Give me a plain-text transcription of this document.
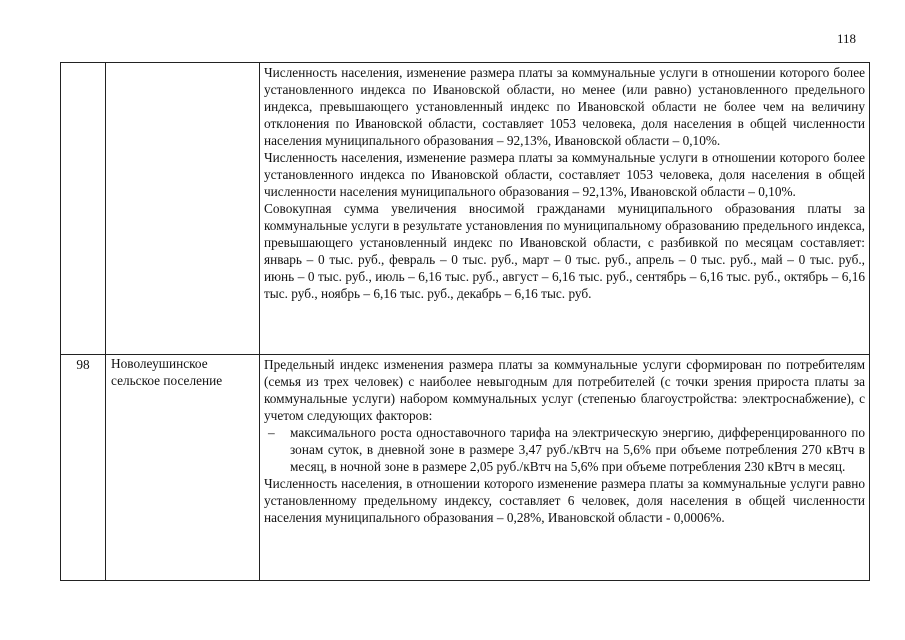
118

		Численность населения, изменение размера платы за коммунальные услуги в отношении которого более установленного индекса по Ивановской области, но менее (или равно) установленного предельного индекса, превышающего установленный индекс по Ивановской области не более чем на величину отклонения по Ивановской области, составляет 1053 человека, доля населения в общей численности населения муниципального образования – 92,13%, Ивановской области – 0,10%.

Численность населения, изменение размера платы за коммунальные услуги в отношении которого более установленного индекса по Ивановской области, составляет 1053 человека, доля населения в общей численности населения муниципального образования – 92,13%, Ивановской области – 0,10%.

Совокупная сумма увеличения вносимой гражданами муниципального образования платы за коммунальные услуги в результате установления по муниципальному образованию предельного индекса, превышающего установленный индекс по Ивановской области, с разбивкой по месяцам составляет: январь – 0 тыс. руб., февраль – 0 тыс. руб., март – 0 тыс. руб., апрель – 0 тыс. руб., май – 0 тыс. руб., июнь – 0 тыс. руб., июль – 6,16 тыс. руб., август – 6,16 тыс. руб., сентябрь – 6,16 тыс. руб., октябрь – 6,16 тыс. руб., ноябрь – 6,16 тыс. руб., декабрь – 6,16 тыс. руб.

98	Новолеушинское сельское поселение	Предельный индекс изменения размера платы за коммунальные услуги сформирован по потребителям (семья из трех человек) с наиболее невыгодным для потребителей (с точки зрения прироста платы за коммунальные услуги) набором коммунальных услуг (степенью благоустройства: электроснабжение), с учетом следующих факторов:

– максимального роста одноставочного тарифа на электрическую энергию, дифференцированного по зонам суток, в дневной зоне в размере 3,47 руб./кВтч на 5,6% при объеме потребления 270 кВтч в месяц, в ночной зоне в размере 2,05 руб./кВтч на 5,6% при объеме потребления 230 кВтч в месяц.

Численность населения, в отношении которого изменение размера платы за коммунальные услуги равно установленному предельному индексу, составляет 6 человек, доля населения в общей численности населения муниципального образования – 0,28%, Ивановской области - 0,0006%.
